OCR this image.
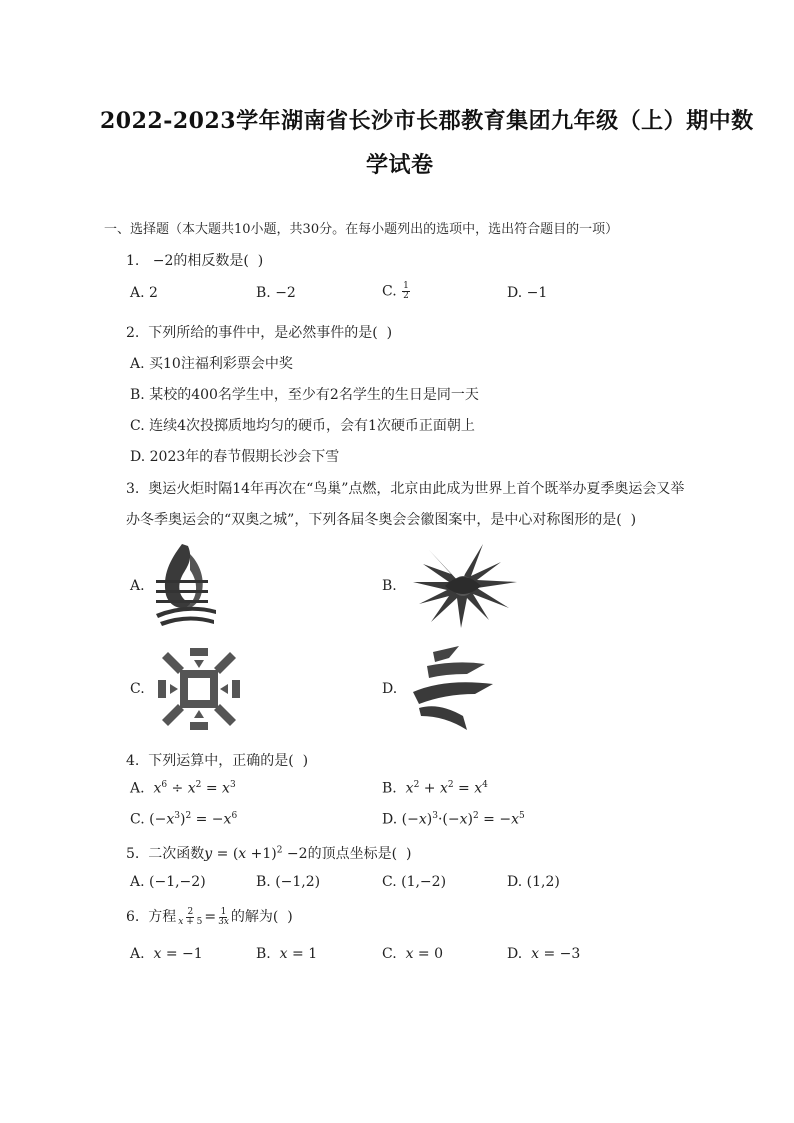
2022-2023学年湖南省长沙市长郡教育集团九年级（上）期中数
学试卷
一、选择题（本大题共10小题，共30分。在每小题列出的选项中，选出符合题目的一项）
1.   −2的相反数是(  )
A. 2	B. −2	C. $\frac{1}{2}$	D. −1
2.  下列所给的事件中，是必然事件的是(  )
A. 买10注福利彩票会中奖
B. 某校的400名学生中，至少有2名学生的生日是同一天
C. 连续4次投掷质地均匀的硬币，会有1次硬币正面朝上
D. 2023年的春节假期长沙会下雪
3.  奥运火炬时隔14年再次在“鸟巢”点燃，北京由此成为世界上首个既举办夏季奥运会又举
办冬季奥运会的“双奥之城”，下列各届冬奥会会徽图案中，是中心对称图形的是(  )
A.	B.
C.	D.
4.  下列运算中，正确的是(  )
A. $x^6 \div x^2 = x^3$	B. $x^2 + x^2 = x^4$
C. $(-x^3)^2 = -x^6$	D. $(-x)^3\cdot(-x)^2 = -x^5$
5.  二次函数$y = (x +1)^2 -2$的顶点坐标是(  )
A. (−1,−2)	B. (−1,2)	C. (1,−2)	D. (1,2)
6.  方程 $\frac{2}{x + 5} = \frac{1}{3x}$ 的解为(  )
A. x = −1	B. x = 1	C. x = 0	D. x = −3
